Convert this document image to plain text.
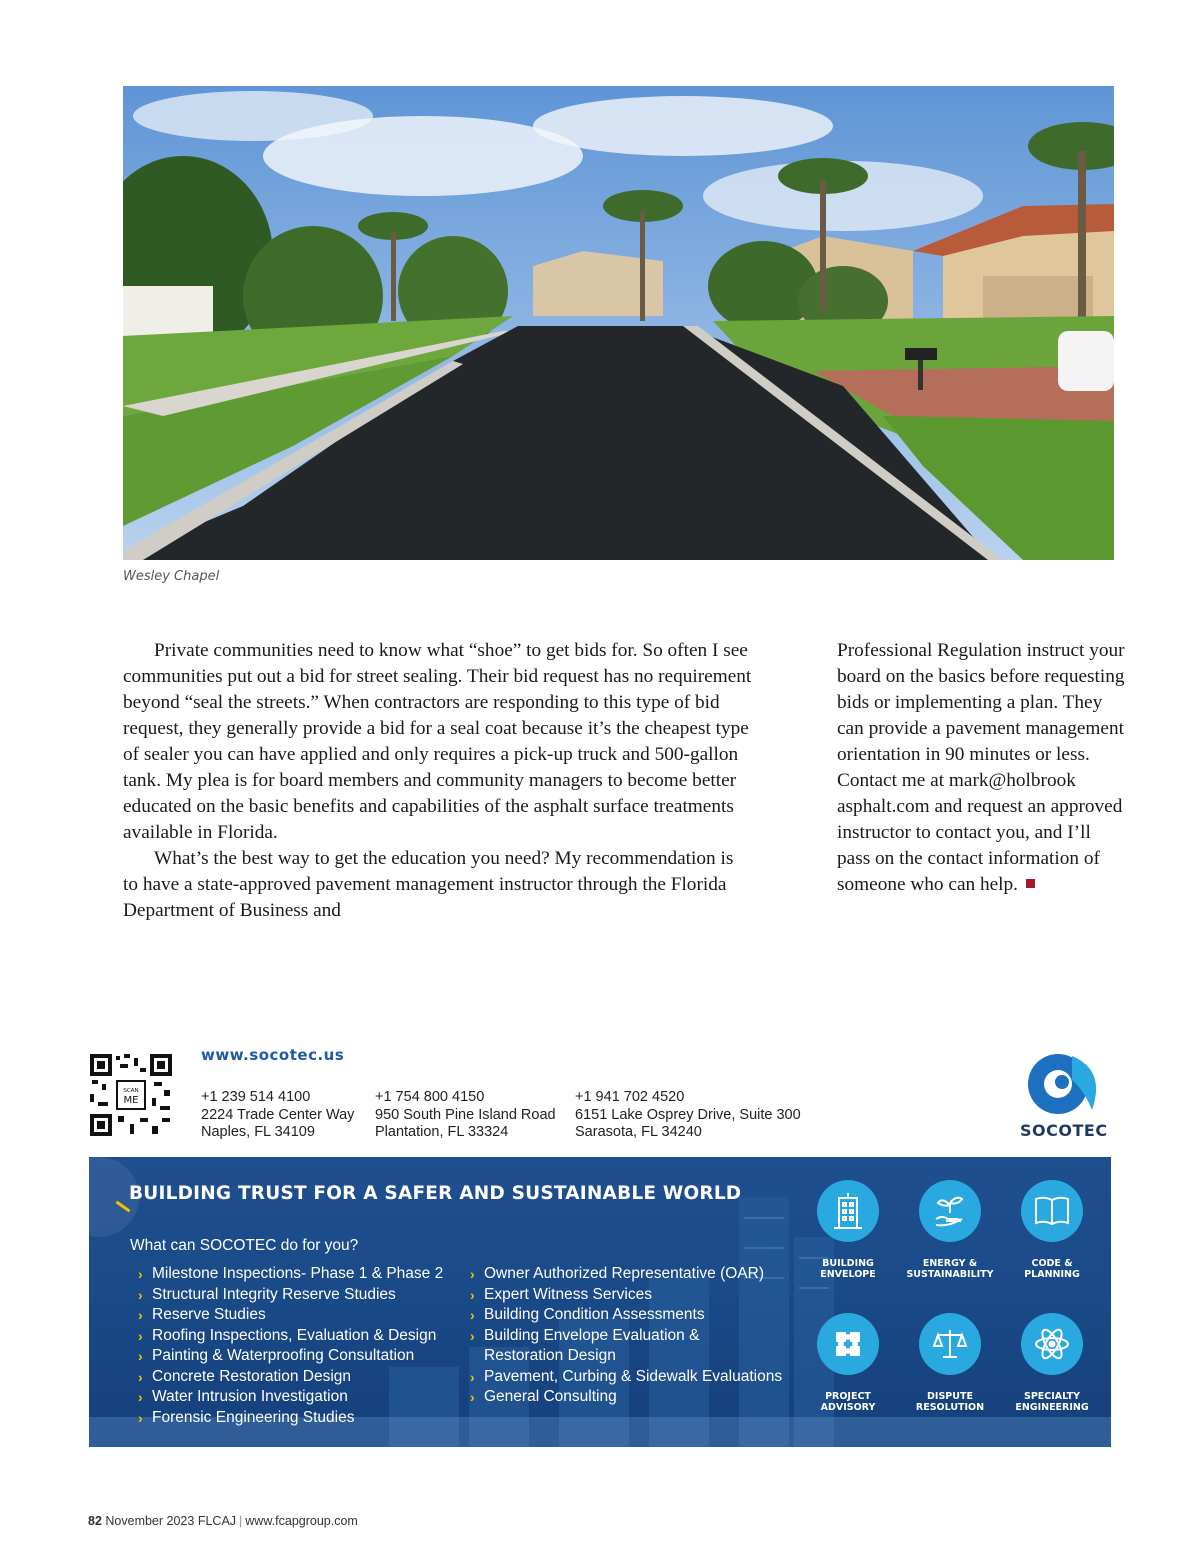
Wesley Chapel

Private communities need to know what “shoe” to get bids for. So often I see communities put out a bid for street sealing. Their bid request has no requirement beyond “seal the streets.” When contractors are responding to this type of bid request, they generally provide a bid for a seal coat because it’s the cheapest type of sealer you can have applied and only requires a pick-up truck and 500-gallon tank. My plea is for board members and community managers to become better educated on the basic benefits and capabilities of the asphalt surface treatments available in Florida.

What’s the best way to get the education you need? My recommendation is to have a state-approved pavement management instructor through the Florida Department of Business and

Professional Regulation instruct your board on the basics before requesting bids or implementing a plan. They can provide a pavement management orientation in 90 minutes or less. Contact me at mark@holbrook asphalt.com and request an approved instructor to contact you, and I’ll pass on the contact information of someone who can help.

SCAN
ME
www.socotec.us
+1 239 514 4100
2224 Trade Center Way
Naples, FL 34109
+1 754 800 4150
950 South Pine Island Road
Plantation, FL 33324
+1 941 702 4520
6151 Lake Osprey Drive, Suite 300
Sarasota, FL 34240	SOCOTEC
BUILDING TRUST FOR A SAFER AND SUSTAINABLE WORLD
What can SOCOTEC do for you?
› Milestone Inspections- Phase 1 & Phase 2
› Structural Integrity Reserve Studies
› Reserve Studies
› Roofing Inspections, Evaluation & Design
› Painting & Waterproofing Consultation
› Concrete Restoration Design
› Water Intrusion Investigation
› Forensic Engineering Studies
› Owner Authorized Representative (OAR)
› Expert Witness Services
› Building Condition Assessments
› Building Envelope Evaluation &
Restoration Design
› Pavement, Curbing & Sidewalk Evaluations
› General Consulting
BUILDING
ENVELOPE
ENERGY &
SUSTAINABILITY
CODE &
PLANNING
PROJECT
ADVISORY
DISPUTE
RESOLUTION
SPECIALTY
ENGINEERING
82 November 2023 FLCAJ | www.fcapgroup.com
